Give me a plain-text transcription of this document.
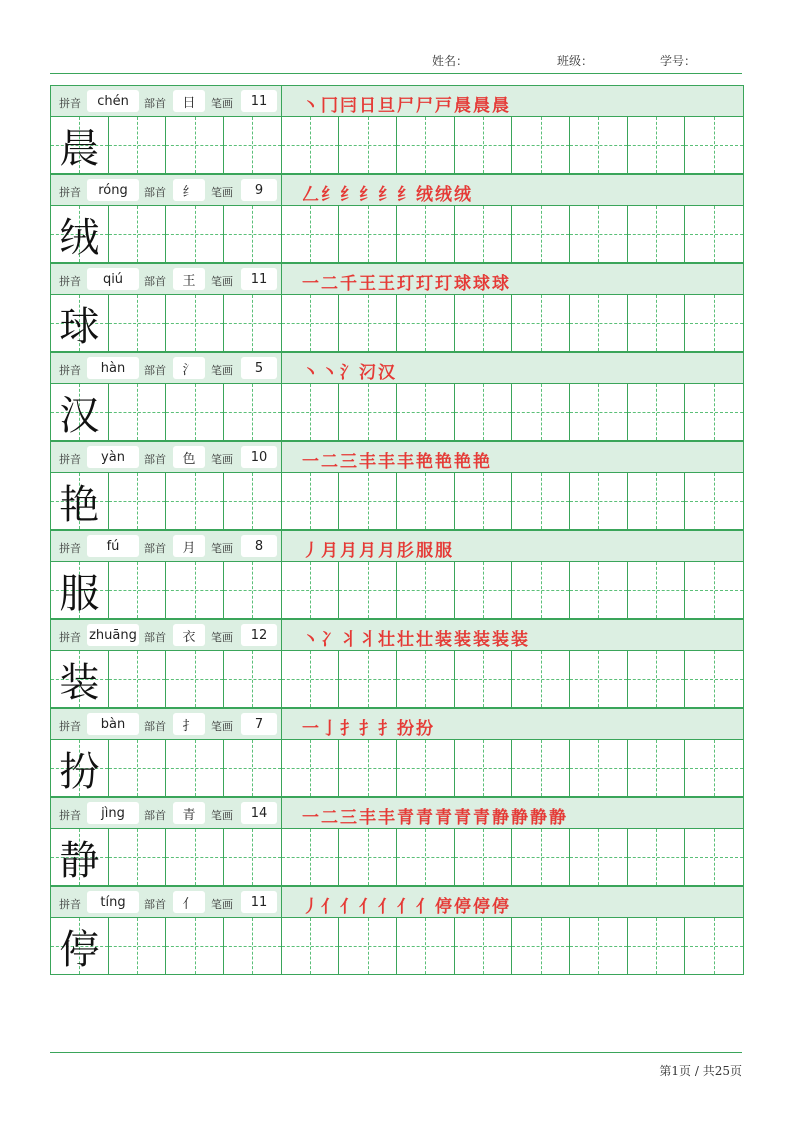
姓名：	班级：	学号：
拼音	chén	部首	日	笔画	11	丶 冂 冃 日 旦 尸 尸 戸 晨 晨 晨
晨
拼音	róng	部首	纟	笔画	9	𠃋 纟 纟 纟 纟 纟 绒 绒 绒
绒
拼音	qiú	部首	王	笔画	11	一 二 千 王 王 玎 玎 玎 球 球 球
球
拼音	hàn	部首	氵	笔画	5	丶 丶 氵 汈 汉
汉
拼音	yàn	部首	色	笔画	10	一 二 三 丰 丰 丰 艳 艳 艳 艳
艳
拼音	fú	部首	月	笔画	8	丿 月 月 月 月 肜 服 服
服
拼音 zhuāng 部首	衣	笔画	12	丶 冫 丬 丬 壮 壮 壮 装 装 装 装 装
装
拼音	bàn	部首	扌	笔画	7	一 亅 扌 扌 扌 扮 扮
扮
拼音	jìng	部首	青	笔画	14	一 二 三 丰 丰 青 青 青 青 青 静 静 静 静
静
拼音	tíng	部首	亻	笔画	11	丿 亻 亻 亻 亻 亻 亻 停 停 停 停
停
第1页 / 共25页
